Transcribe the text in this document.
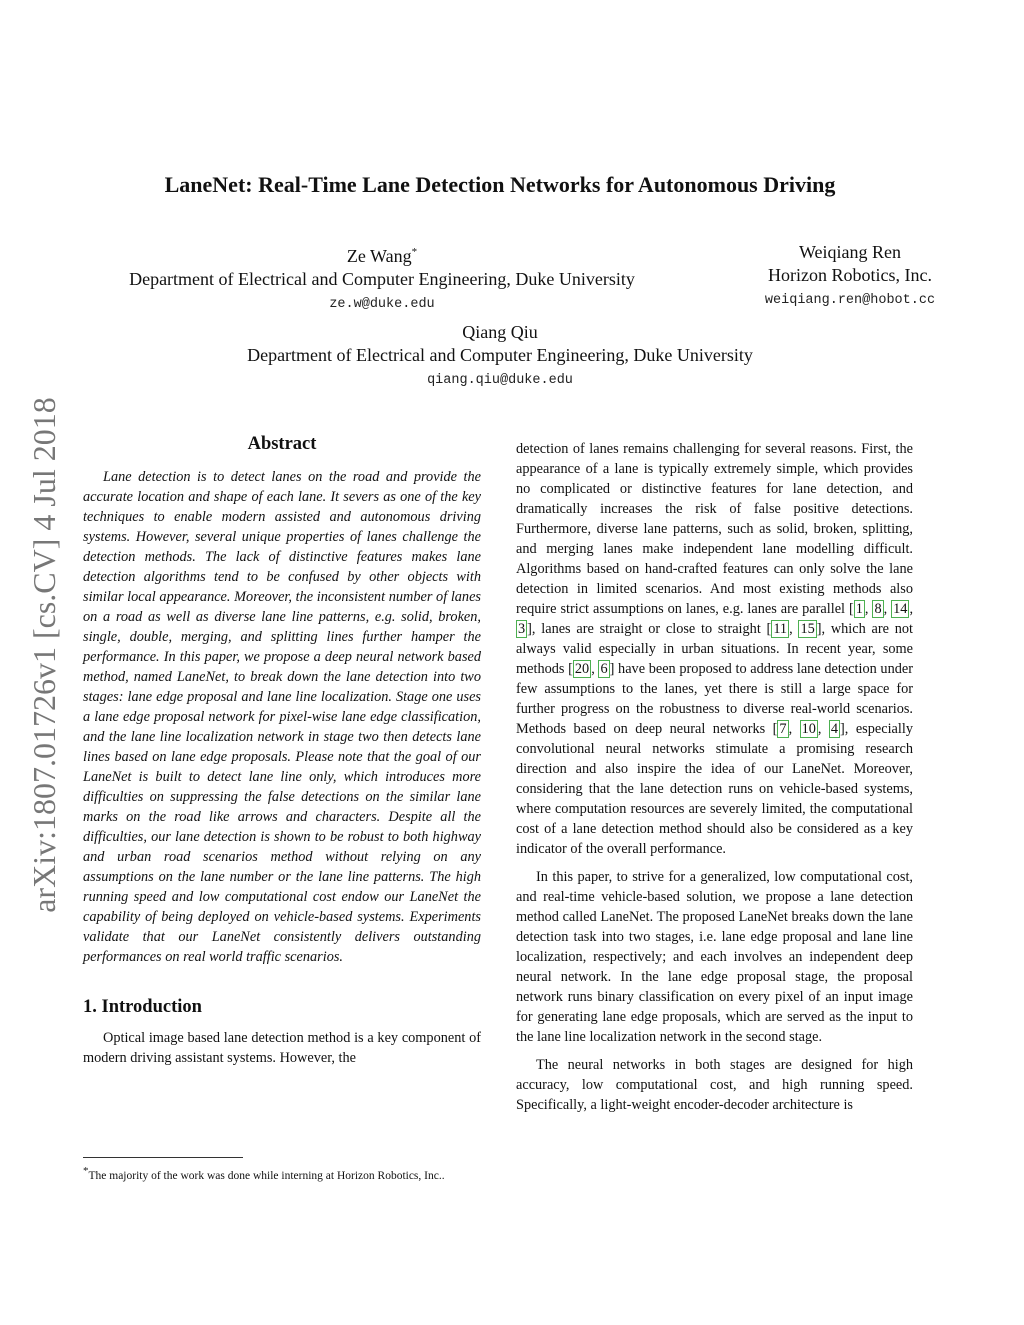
arXiv:1807.01726v1 [cs.CV] 4 Jul 2018
LaneNet: Real-Time Lane Detection Networks for Autonomous Driving
Ze Wang*
Department of Electrical and Computer Engineering, Duke University
ze.w@duke.edu
Weiqiang Ren
Horizon Robotics, Inc.
weiqiang.ren@hobot.cc
Qiang Qiu
Department of Electrical and Computer Engineering, Duke University
qiang.qiu@duke.edu
Abstract

Lane detection is to detect lanes on the road and provide the accurate location and shape of each lane. It severs as one of the key techniques to enable modern assisted and autonomous driving systems. However, several unique properties of lanes challenge the detection methods. The lack of distinctive features makes lane detection algorithms tend to be confused by other objects with similar local appearance. Moreover, the inconsistent number of lanes on a road as well as diverse lane line patterns, e.g. solid, broken, single, double, merging, and splitting lines further hamper the performance. In this paper, we propose a deep neural network based method, named LaneNet, to break down the lane detection into two stages: lane edge proposal and lane line localization. Stage one uses a lane edge proposal network for pixel-wise lane edge classification, and the lane line localization network in stage two then detects lane lines based on lane edge proposals. Please note that the goal of our LaneNet is built to detect lane line only, which introduces more difficulties on suppressing the false detections on the similar lane marks on the road like arrows and characters. Despite all the difficulties, our lane detection is shown to be robust to both highway and urban road scenarios method without relying on any assumptions on the lane number or the lane line patterns. The high running speed and low computational cost endow our LaneNet the capability of being deployed on vehicle-based systems. Experiments validate that our LaneNet consistently delivers outstanding performances on real world traffic scenarios.

1. Introduction

Optical image based lane detection method is a key component of modern driving assistant systems. However, the

*The majority of the work was done while interning at Horizon Robotics, Inc..

detection of lanes remains challenging for several reasons. First, the appearance of a lane is typically extremely simple, which provides no complicated or distinctive features for lane detection, and dramatically increases the risk of false positive detections. Furthermore, diverse lane patterns, such as solid, broken, splitting, and merging lanes make independent lane modelling difficult. Algorithms based on hand-crafted features can only solve the lane detection in limited scenarios. And most existing methods also require strict assumptions on lanes, e.g. lanes are parallel [ 1 , 8 , 14 , 3 ], lanes are straight or close to straight [ 11 , 15 ], which are not always valid especially in urban situations. In recent year, some methods [ 20 , 6 ] have been proposed to address lane detection under few assumptions to the lanes, yet there is still a large space for further progress on the robustness to diverse real-world scenarios. Methods based on deep neural networks [ 7 , 10 , 4 ], especially convolutional neural networks stimulate a promising research direction and also inspire the idea of our LaneNet. Moreover, considering that the lane detection runs on vehicle-based systems, where computation resources are severely limited, the computational cost of a lane detection method should also be considered as a key indicator of the overall performance.

In this paper, to strive for a generalized, low computational cost, and real-time vehicle-based solution, we propose a lane detection method called LaneNet. The proposed LaneNet breaks down the lane detection task into two stages, i.e. lane edge proposal and lane line localization, respectively; and each involves an independent deep neural network. In the lane edge proposal stage, the proposal network runs binary classification on every pixel of an input image for generating lane edge proposals, which are served as the input to the lane line localization network in the second stage.

The neural networks in both stages are designed for high accuracy, low computational cost, and high running speed. Specifically, a light-weight encoder-decoder architecture is
